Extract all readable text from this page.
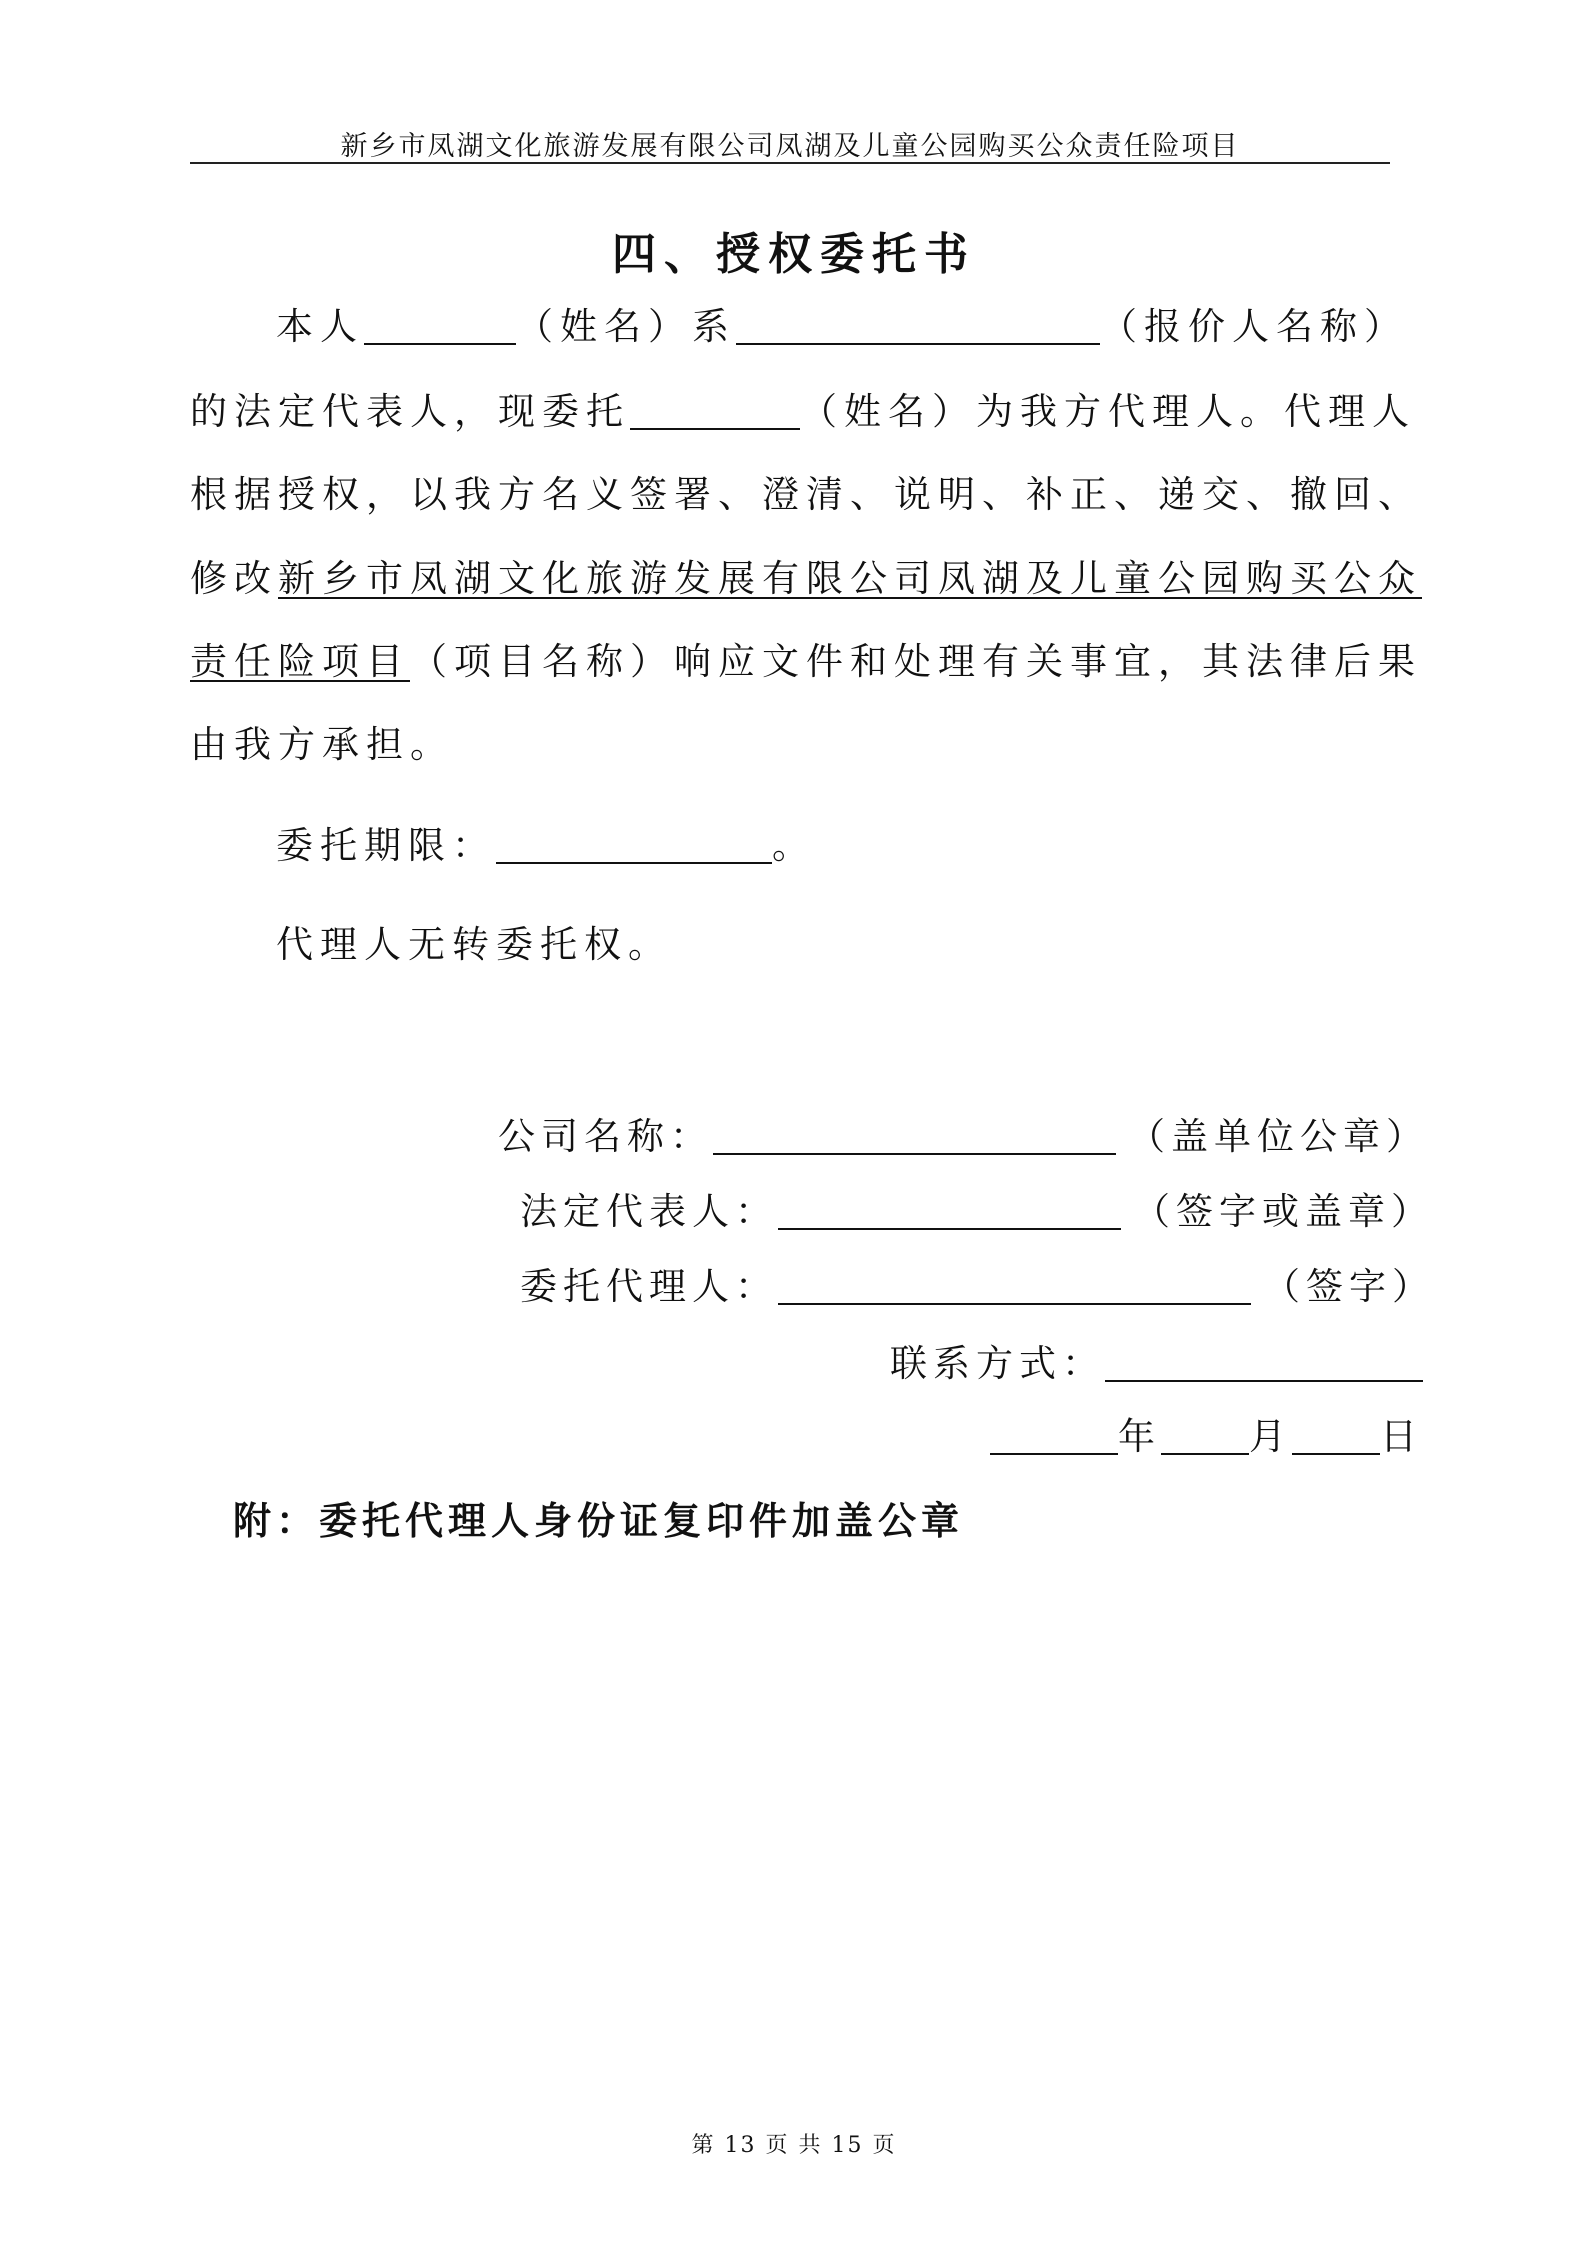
新乡市凤湖文化旅游发展有限公司凤湖及儿童公园购买公众责任险项目
四、授权委托书
本人	（姓名）系	（报价人名称）
的法定代表人，现委托	（姓名）为我方代理人。代理人
根据授权，以我方名义签署、澄清、说明、补正、递交、撤回、
修改新乡市凤湖文化旅游发展有限公司凤湖及儿童公园购买公众
责任险项目（项目名称）响应文件和处理有关事宜，其法律后果
由我方承担。
委托期限：	。
代理人无转委托权。
公司名称：	（盖单位公章）
法定代表人：	（签字或盖章）
委托代理人：	（签字）
联系方式：
年 月 日
附：委托代理人身份证复印件加盖公章
第 13 页 共 15 页
